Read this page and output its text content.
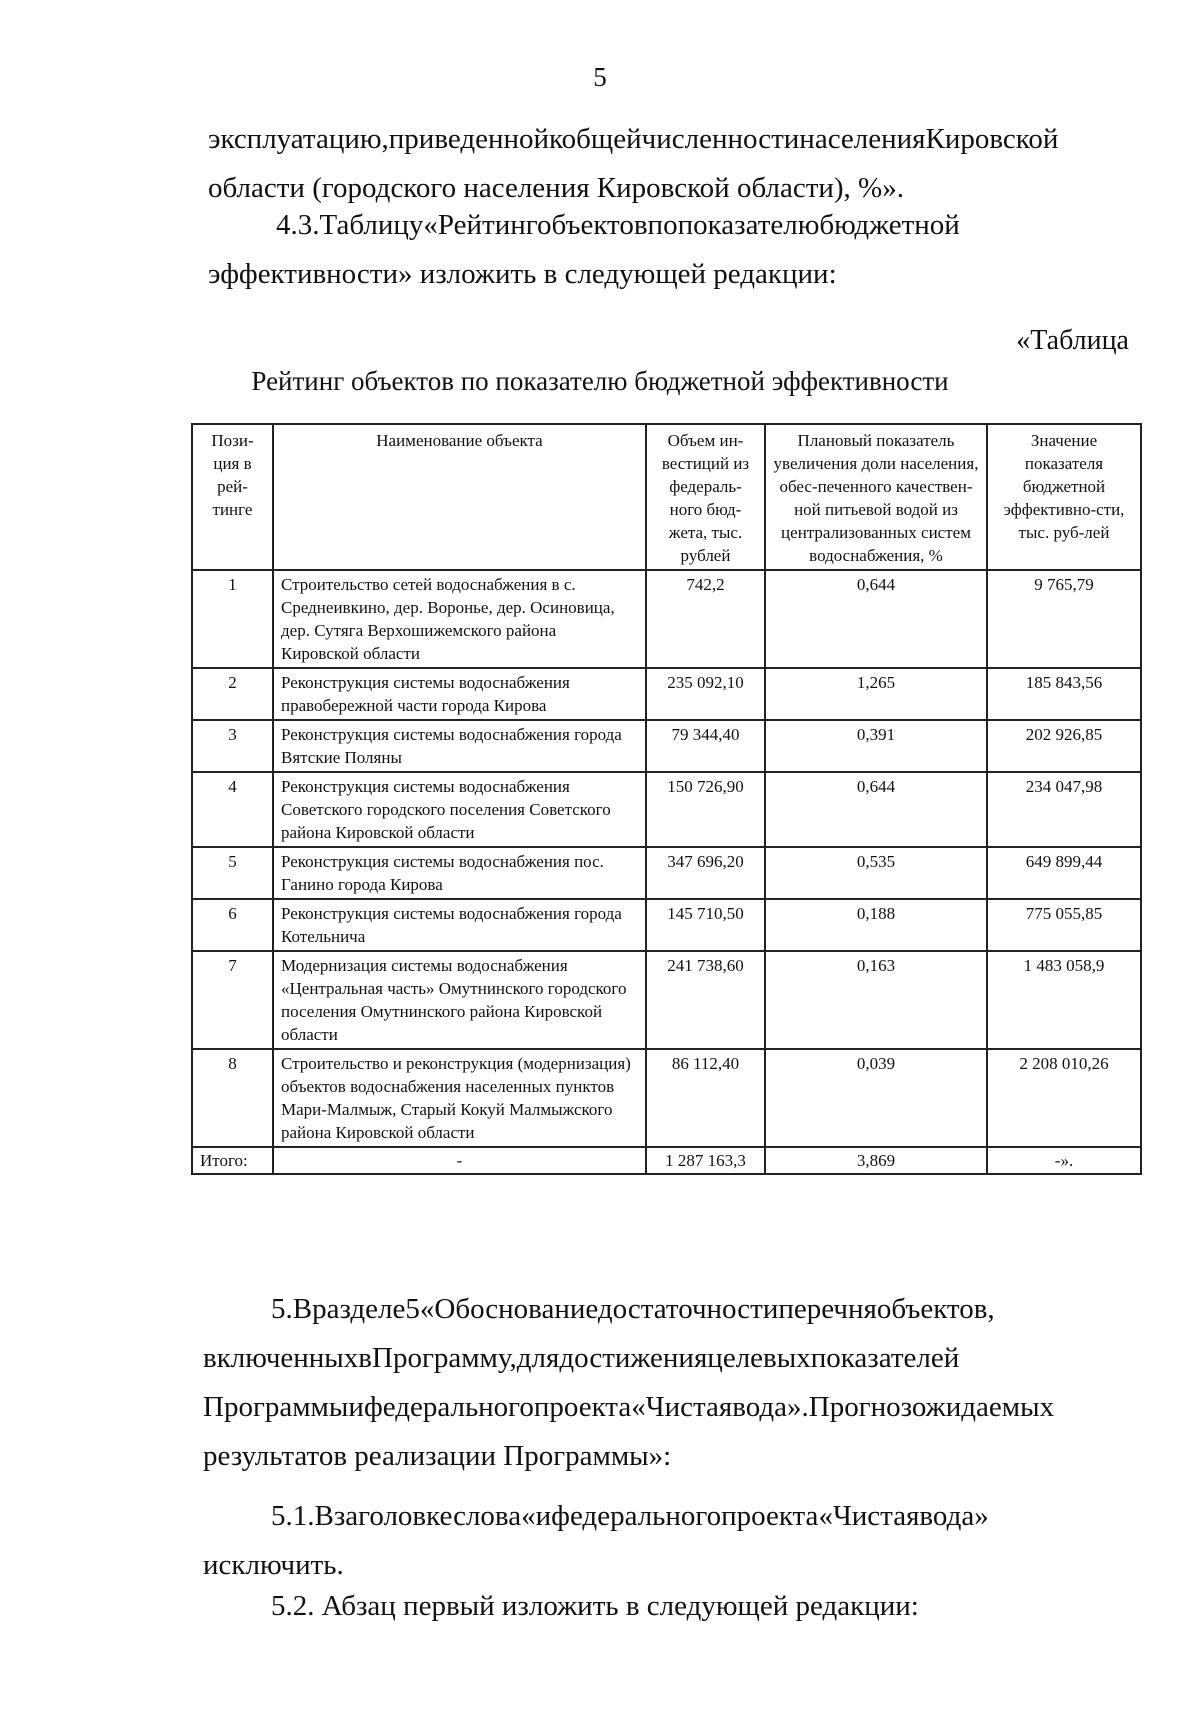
5
эксплуатацию,приведеннойкобщейчисленностинаселенияКировской
области (городского населения Кировской области), %».
4.3.Таблицу«Рейтингобъектовпопоказателюбюджетной
эффективности» изложить в следующей редакции:
«Таблица
Рейтинг объектов по показателю бюджетной эффективности
Пози-ция в рей-тинге	Наименование объекта	Объем ин-вестиций из федераль-ного бюд-жета, тыс. рублей	Плановый показатель увеличения доли населения, обес-печенного качествен-ной питьевой водой из централизованных систем водоснабжения, %	Значение показателя бюджетной эффективно-сти, тыс. руб-лей
1	Строительство сетей водоснабжения в с. Среднеивкино, дер. Воронье, дер. Осиновица, дер. Сутяга Верхошижемского района Кировской области	742,2	0,644	9 765,79
2	Реконструкция системы водоснабжения правобережной части города Кирова	235 092,10	1,265	185 843,56
3	Реконструкция системы водоснабжения города Вятские Поляны	79 344,40	0,391	202 926,85
4	Реконструкция системы водоснабжения Советского городского поселения Советского района Кировской области	150 726,90	0,644	234 047,98
5	Реконструкция системы водоснабжения пос. Ганино города Кирова	347 696,20	0,535	649 899,44
6	Реконструкция системы водоснабжения города Котельнича	145 710,50	0,188	775 055,85
7	Модернизация системы водоснабжения «Центральная часть» Омутнинского городского поселения Омутнинского района Кировской области	241 738,60	0,163	1 483 058,9
8	Строительство и реконструкция (модернизация) объектов водоснабжения населенных пунктов Мари-Малмыж, Старый Кокуй Малмыжского района Кировской области	86 112,40	0,039	2 208 010,26
Итого:	-	1 287 163,3	3,869	-».
5.Вразделе5«Обоснованиедостаточностиперечняобъектов,
включенныхвПрограмму,длядостиженияцелевыхпоказателей
Программыифедеральногопроекта«Чистаявода».Прогнозожидаемых
результатов реализации Программы»:
5.1.Взаголовкеслова«ифедеральногопроекта«Чистаявода»
исключить.
5.2. Абзац первый изложить в следующей редакции:
